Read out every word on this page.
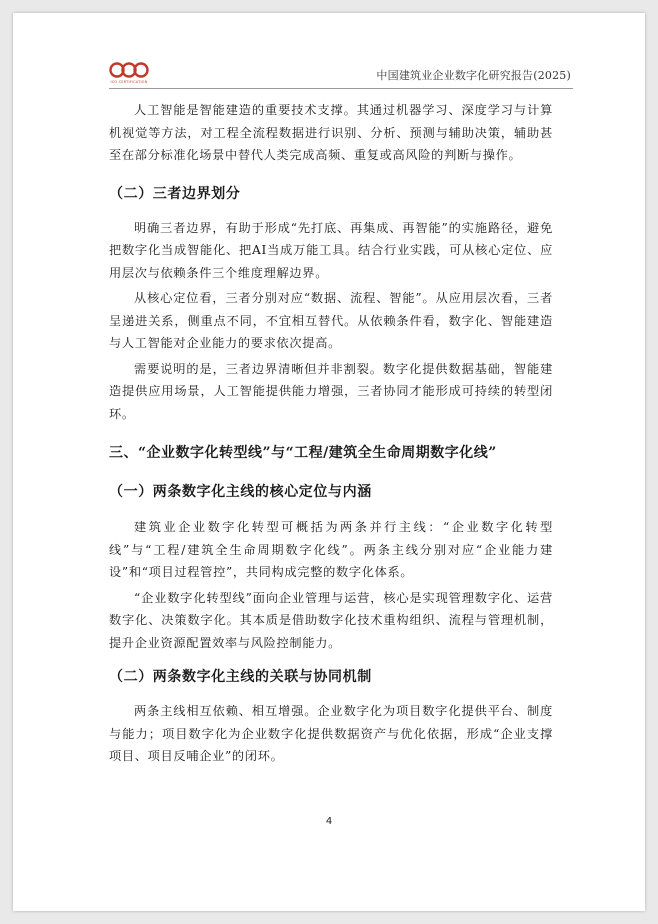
ICO CERTIFICATION	中国建筑业企业数字化研究报告(2025)

人工智能是智能建造的重要技术支撑。其通过机器学习、深度学习与计算机视觉等方法，对工程全流程数据进行识别、分析、预测与辅助决策，辅助甚至在部分标准化场景中替代人类完成高频、重复或高风险的判断与操作。

（二）三者边界划分

明确三者边界，有助于形成“先打底、再集成、再智能”的实施路径，避免把数字化当成智能化、把AI当成万能工具。结合行业实践，可从核心定位、应用层次与依赖条件三个维度理解边界。

从核心定位看，三者分别对应“数据、流程、智能”。从应用层次看，三者呈递进关系，侧重点不同，不宜相互替代。从依赖条件看，数字化、智能建造与人工智能对企业能力的要求依次提高。

需要说明的是，三者边界清晰但并非割裂。数字化提供数据基础，智能建造提供应用场景，人工智能提供能力增强，三者协同才能形成可持续的转型闭环。

三、“企业数字化转型线”与“工程/建筑全生命周期数字化线”
（一）两条数字化主线的核心定位与内涵

建筑业企业数字化转型可概括为两条并行主线：“企业数字化转型线”与“工程/建筑全生命周期数字化线”。两条主线分别对应“企业能力建设”和“项目过程管控”，共同构成完整的数字化体系。

“企业数字化转型线”面向企业管理与运营，核心是实现管理数字化、运营数字化、决策数字化。其本质是借助数字化技术重构组织、流程与管理机制，提升企业资源配置效率与风险控制能力。

（二）两条数字化主线的关联与协同机制

两条主线相互依赖、相互增强。企业数字化为项目数字化提供平台、制度与能力；项目数字化为企业数字化提供数据资产与优化依据，形成“企业支撑项目、项目反哺企业”的闭环。

4
